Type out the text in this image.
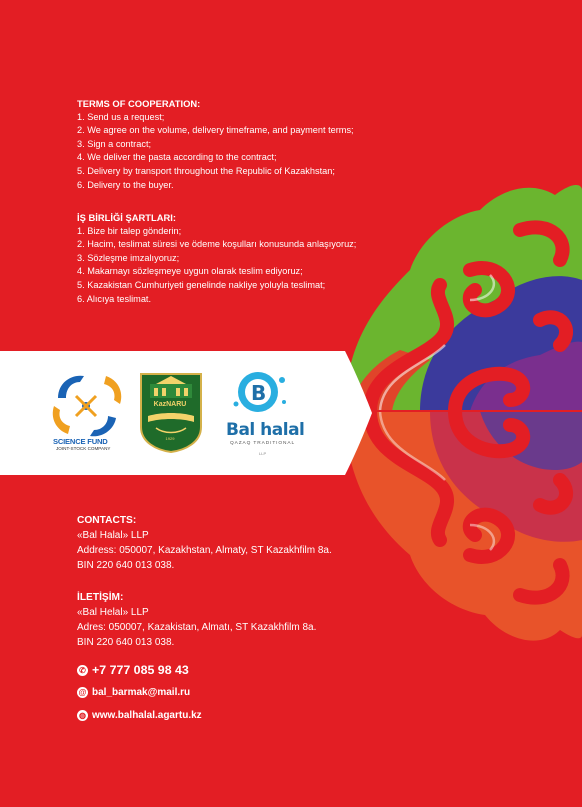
SCIENCE FUND
JOINT-STOCK COMPANY
KazNARU
1929
B
Bal halal
QAZAQ TRADITIONAL
LLP
TERMS OF COOPERATION:
1. Send us a request;
2. We agree on the volume, delivery timeframe, and payment terms;
3. Sign a contract;
4. We deliver the pasta according to the contract;
5. Delivery by transport throughout the Republic of Kazakhstan;
6. Delivery to the buyer.
İŞ BİRLİĞİ ŞARTLARI:
1. Bize bir talep gönderin;
2. Hacim, teslimat süresi ve ödeme koşulları konusunda anlaşıyoruz;
3. Sözleşme imzalıyoruz;
4. Makarnayı sözleşmeye uygun olarak teslim ediyoruz;
5. Kazakistan Cumhuriyeti genelinde nakliye yoluyla teslimat;
6. Alıcıya teslimat.
CONTACTS:
«Bal Halal» LLP
Address: 050007, Kazakhstan, Almaty, ST Kazakhfilm 8a.
BIN 220 640 013 038.
İLETİŞİM:
«Bal Helal» LLP
Adres: 050007, Kazakistan, Almatı, ST Kazakhfilm 8a.
BIN 220 640 013 038.
✆ +7 777 085 98 43
@ bal_barmak@mail.ru
◍ www.balhalal.agartu.kz
